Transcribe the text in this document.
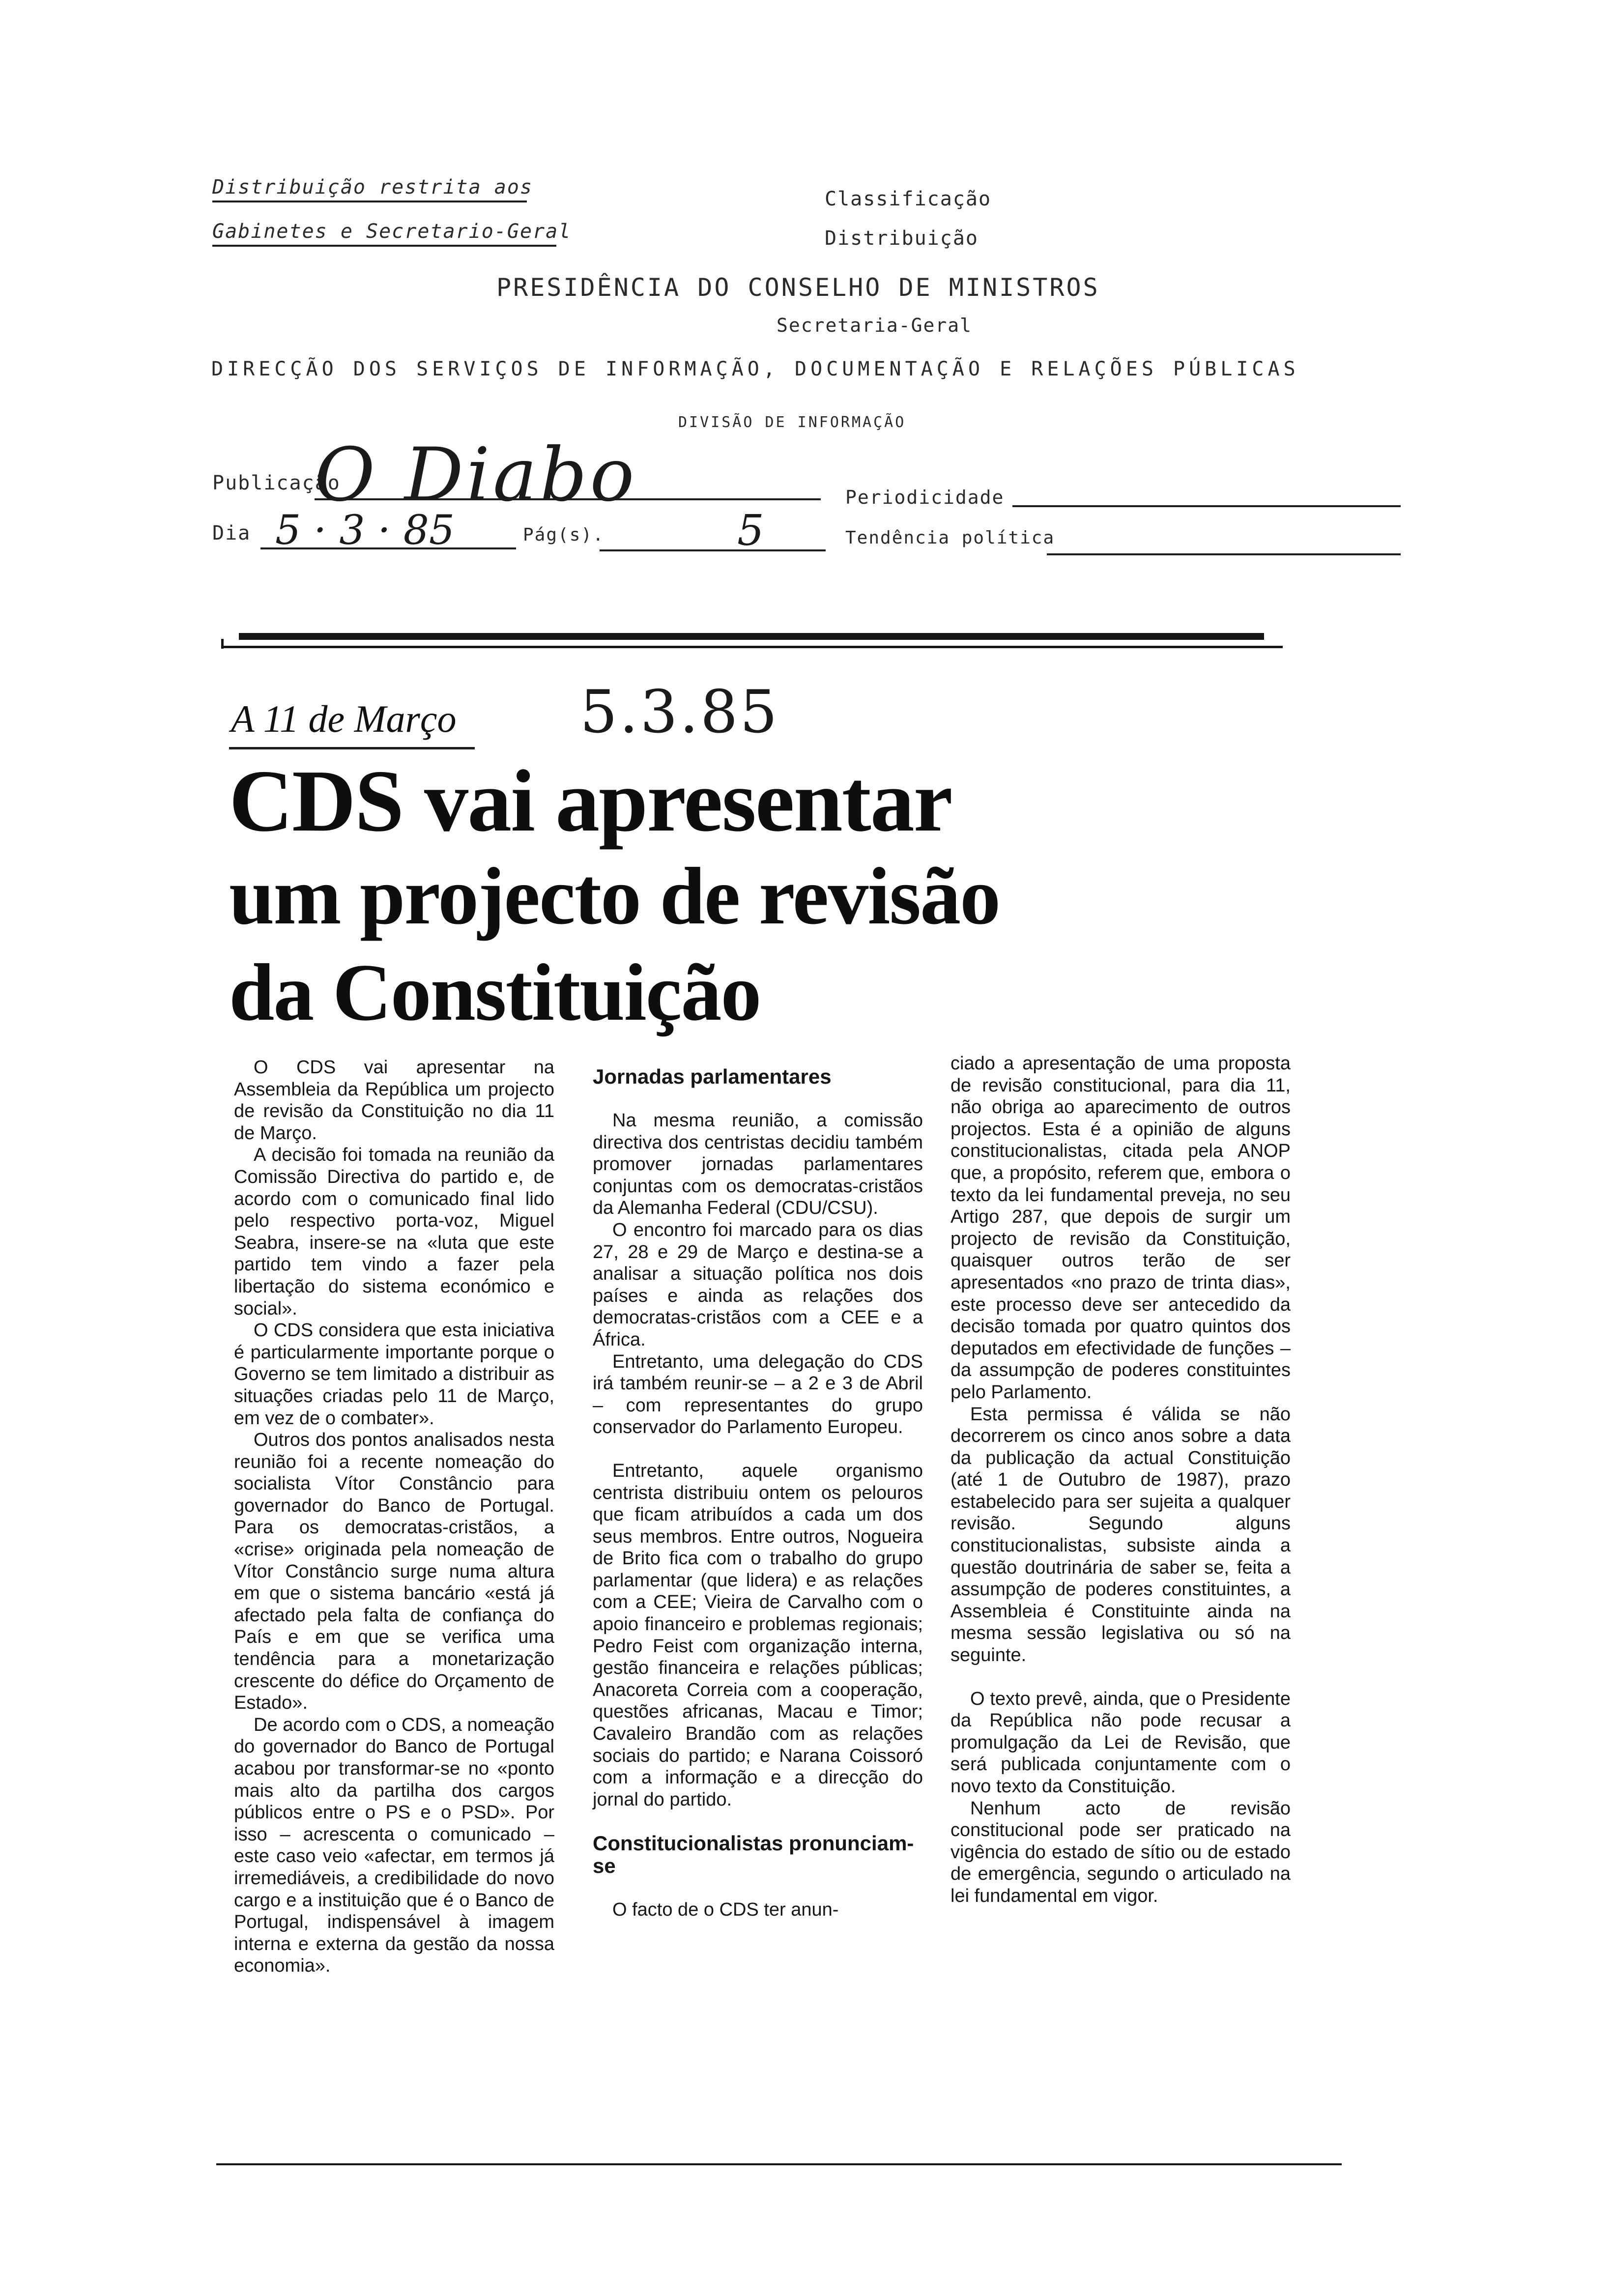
Distribuição restrita aos
Gabinetes e Secretario-Geral
Classificação
Distribuição
PRESIDÊNCIA DO CONSELHO DE MINISTROS
Secretaria-Geral
DIRECÇÃO DOS SERVIÇOS DE INFORMAÇÃO, DOCUMENTAÇÃO E RELAÇÕES PÚBLICAS
DIVISÃO DE INFORMAÇÃO
Publicação
O Diabo	Periodicidade
Dia 5 · 3 · 85	Pág(s).	5	Tendência política
A 11 de Março 5.3.85
CDS vai apresentar
um projecto de revisão
da Constituição

O CDS vai apresentar na Assembleia da República um projecto de revisão da Constituição no dia 11 de Março.

A decisão foi tomada na reunião da Comissão Directiva do partido e, de acordo com o comunicado final lido pelo respectivo porta-voz, Miguel Seabra, insere-se na «luta que este partido tem vindo a fazer pela libertação do sistema económico e social».

O CDS considera que esta iniciativa é particularmente importante porque o Governo se tem limitado a distribuir as situações criadas pelo 11 de Março, em vez de o combater».

Outros dos pontos analisados nesta reunião foi a recente nomeação do socialista Vítor Constâncio para governador do Banco de Portugal. Para os democratas-cristãos, a «crise» originada pela nomeação de Vítor Constâncio surge numa altura em que o sistema bancário «está já afectado pela falta de confiança do País e em que se verifica uma tendência para a monetarização crescente do défice do Orçamento de Estado».

De acordo com o CDS, a nomeação do governador do Banco de Portugal acabou por transformar-se no «ponto mais alto da partilha dos cargos públicos entre o PS e o PSD». Por isso – acrescenta o comunicado – este caso veio «afectar, em termos já irremediáveis, a credibilidade do novo cargo e a instituição que é o Banco de Portugal, indispensável à imagem interna e externa da gestão da nossa economia».

Jornadas parlamentares

Na mesma reunião, a comissão directiva dos centristas decidiu também promover jornadas parlamentares conjuntas com os democratas-cristãos da Alemanha Federal (CDU/CSU).

O encontro foi marcado para os dias 27, 28 e 29 de Março e destina-se a analisar a situação política nos dois países e ainda as relações dos democratas-cristãos com a CEE e a África.

Entretanto, uma delegação do CDS irá também reunir-se – a 2 e 3 de Abril – com representantes do grupo conservador do Parlamento Europeu.

Entretanto, aquele organismo centrista distribuiu ontem os pelouros que ficam atribuídos a cada um dos seus membros. Entre outros, Nogueira de Brito fica com o trabalho do grupo parlamentar (que lidera) e as relações com a CEE; Vieira de Carvalho com o apoio financeiro e problemas regionais; Pedro Feist com organização interna, gestão financeira e relações públicas; Anacoreta Correia com a cooperação, questões africanas, Macau e Timor; Cavaleiro Brandão com as relações sociais do partido; e Narana Coissoró com a informação e a direcção do jornal do partido.

Constitucionalistas pronunciam-se

O facto de o CDS ter anun-

ciado a apresentação de uma proposta de revisão constitucional, para dia 11, não obriga ao aparecimento de outros projectos. Esta é a opinião de alguns constitucionalistas, citada pela ANOP que, a propósito, referem que, embora o texto da lei fundamental preveja, no seu Artigo 287, que depois de surgir um projecto de revisão da Constituição, quaisquer outros terão de ser apresentados «no prazo de trinta dias», este processo deve ser antecedido da decisão tomada por quatro quintos dos deputados em efectividade de funções – da assumpção de poderes constituintes pelo Parlamento.

Esta permissa é válida se não decorrerem os cinco anos sobre a data da publicação da actual Constituição (até 1 de Outubro de 1987), prazo estabelecido para ser sujeita a qualquer revisão. Segundo alguns constitucionalistas, subsiste ainda a questão doutrinária de saber se, feita a assumpção de poderes constituintes, a Assembleia é Constituinte ainda na mesma sessão legislativa ou só na seguinte.

O texto prevê, ainda, que o Presidente da República não pode recusar a promulgação da Lei de Revisão, que será publicada conjuntamente com o novo texto da Constituição.

Nenhum acto de revisão constitucional pode ser praticado na vigência do estado de sítio ou de estado de emergência, segundo o articulado na lei fundamental em vigor.
